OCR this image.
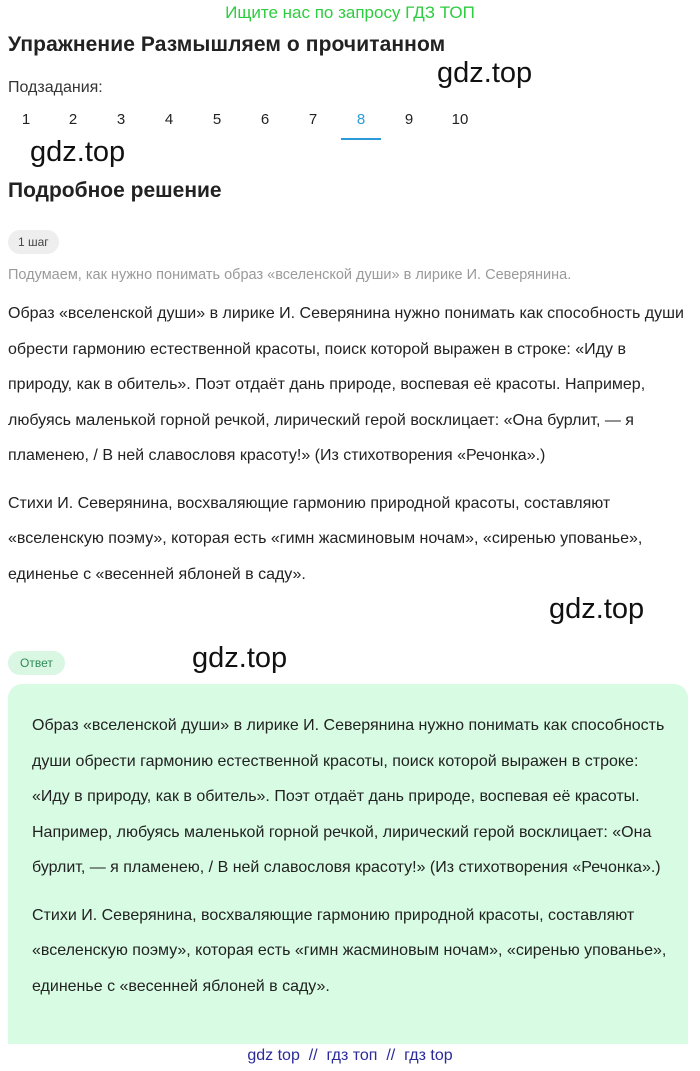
Ищите нас по запросу ГДЗ ТОП
Упражнение Размышляем о прочитанном
Подзадания:
1	2	3	4	5	6	7	8	9	10
gdz.top
gdz.top
Подробное решение
1 шаг
Подумаем, как нужно понимать образ «вселенской души» в лирике И. Северянина.

Образ «вселенской души» в лирике И. Северянина нужно понимать как способность души обрести гармонию естественной красоты, поиск которой выражен в строке: «Иду в природу, как в обитель». Поэт отдаёт дань природе, воспевая её красоты. Например, любуясь маленькой горной речкой, лирический герой восклицает: «Она бурлит, — я пламенею, / В ней славословя красоту!» (Из стихотворения «Речонка».)

Стихи И. Северянина, восхваляющие гармонию природной красоты, составляют «вселенскую поэму», которая есть «гимн жасминовым ночам», «сиренью упованье», единенье с «весенней яблоней в саду».

gdz.top
gdz.top
Ответ

Образ «вселенской души» в лирике И. Северянина нужно понимать как способность души обрести гармонию естественной красоты, поиск которой выражен в строке: «Иду в природу, как в обитель». Поэт отдаёт дань природе, воспевая её красоты. Например, любуясь маленькой горной речкой, лирический герой восклицает: «Она бурлит, — я пламенею, / В ней славословя красоту!» (Из стихотворения «Речонка».)

Стихи И. Северянина, восхваляющие гармонию природной красоты, составляют «вселенскую поэму», которая есть «гимн жасминовым ночам», «сиренью упованье», единенье с «весенней яблоней в саду».

gdz top // гдз топ // гдз top
